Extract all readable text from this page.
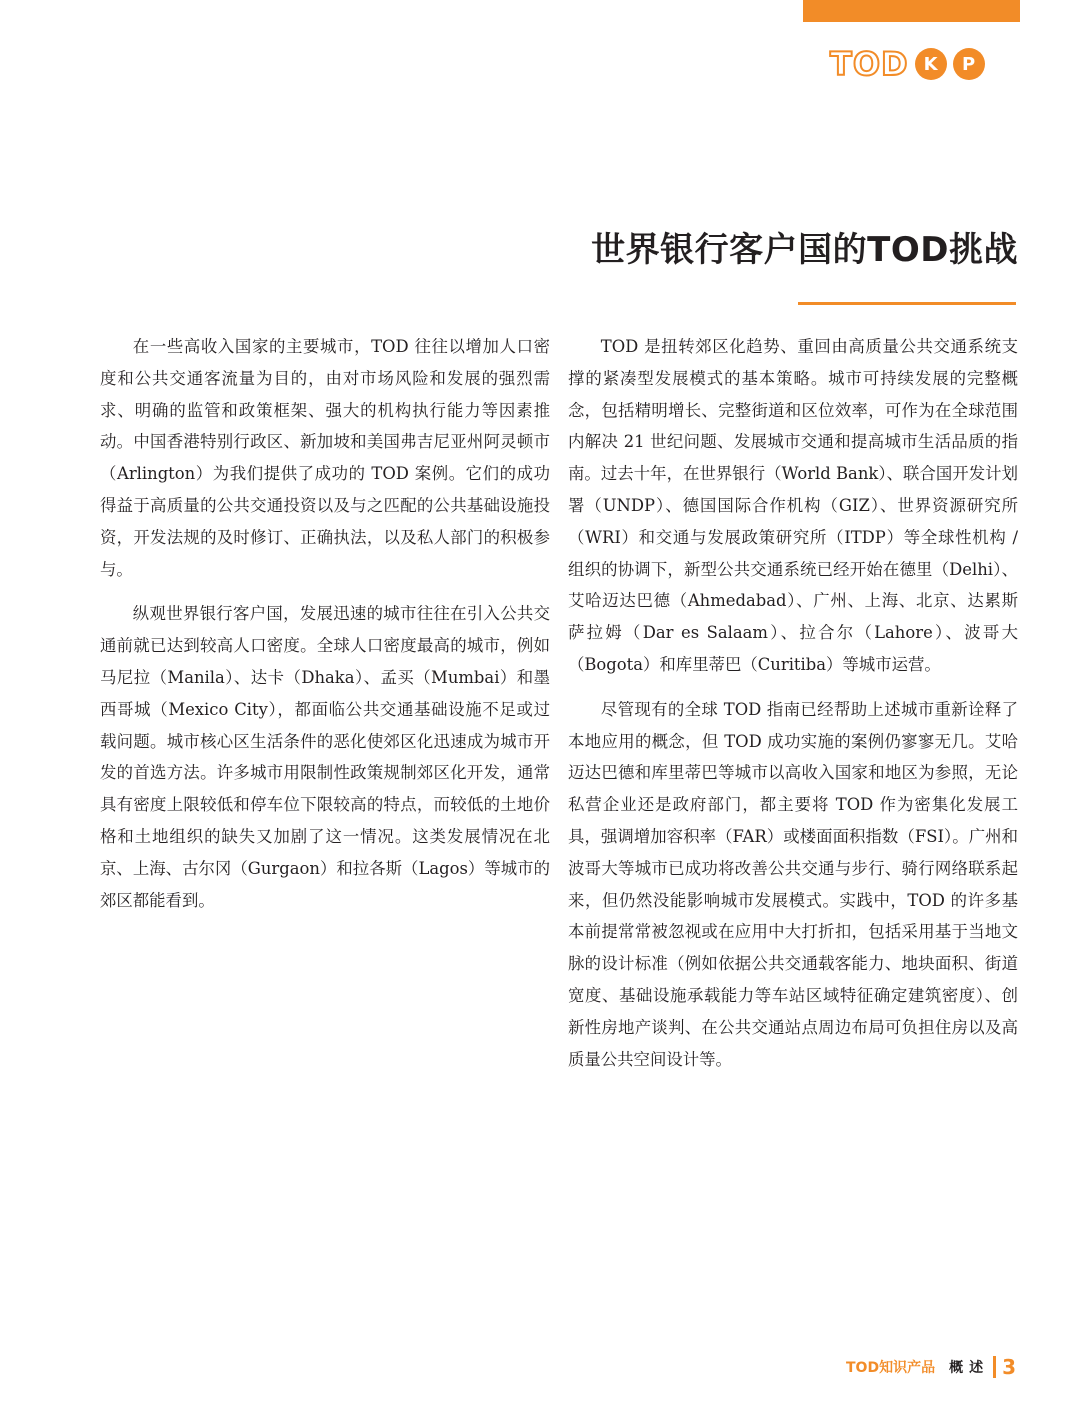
TOD K	P
世界银行客户国的TOD挑战

在一些高收入国家的主要城市，TOD 往往以增加人口密度和公共交通客流量为目的，由对市场风险和发展的强烈需求、明确的监管和政策框架、强大的机构执行能力等因素推动。中国香港特别行政区、新加坡和美国弗吉尼亚州阿灵顿市（Arlington）为我们提供了成功的 TOD 案例。它们的成功得益于高质量的公共交通投资以及与之匹配的公共基础设施投资，开发法规的及时修订、正确执法，以及私人部门的积极参与。

纵观世界银行客户国，发展迅速的城市往往在引入公共交通前就已达到较高人口密度。全球人口密度最高的城市，例如马尼拉（Manila）、达卡（Dhaka）、孟买（Mumbai）和墨西哥城（Mexico City），都面临公共交通基础设施不足或过载问题。城市核心区生活条件的恶化使郊区化迅速成为城市开发的首选方法。许多城市用限制性政策规制郊区化开发，通常具有密度上限较低和停车位下限较高的特点，而较低的土地价格和土地组织的缺失又加剧了这一情况。这类发展情况在北京、上海、古尔冈（Gurgaon）和拉各斯（Lagos）等城市的郊区都能看到。

TOD 是扭转郊区化趋势、重回由高质量公共交通系统支撑的紧凑型发展模式的基本策略。城市可持续发展的完整概念，包括精明增长、完整街道和区位效率，可作为在全球范围内解决 21 世纪问题、发展城市交通和提高城市生活品质的指南。过去十年，在世界银行（World Bank）、联合国开发计划署（UNDP）、德国国际合作机构（GIZ）、世界资源研究所（WRI）和交通与发展政策研究所（ITDP）等全球性机构 / 组织的协调下，新型公共交通系统已经开始在德里（Delhi）、艾哈迈达巴德（Ahmedabad）、广州、上海、北京、达累斯萨拉姆（Dar es Salaam）、拉合尔（Lahore）、波哥大（Bogota）和库里蒂巴（Curitiba）等城市运营。

尽管现有的全球 TOD 指南已经帮助上述城市重新诠释了本地应用的概念，但 TOD 成功实施的案例仍寥寥无几。艾哈迈达巴德和库里蒂巴等城市以高收入国家和地区为参照，无论私营企业还是政府部门，都主要将 TOD 作为密集化发展工具，强调增加容积率（FAR）或楼面面积指数（FSI）。广州和波哥大等城市已成功将改善公共交通与步行、骑行网络联系起来，但仍然没能影响城市发展模式。实践中，TOD 的许多基本前提常常被忽视或在应用中大打折扣，包括采用基于当地文脉的设计标准（例如依据公共交通载客能力、地块面积、街道宽度、基础设施承载能力等车站区域特征确定建筑密度）、创新性房地产谈判、在公共交通站点周边布局可负担住房以及高质量公共空间设计等。

TOD知识产品 概述 3
